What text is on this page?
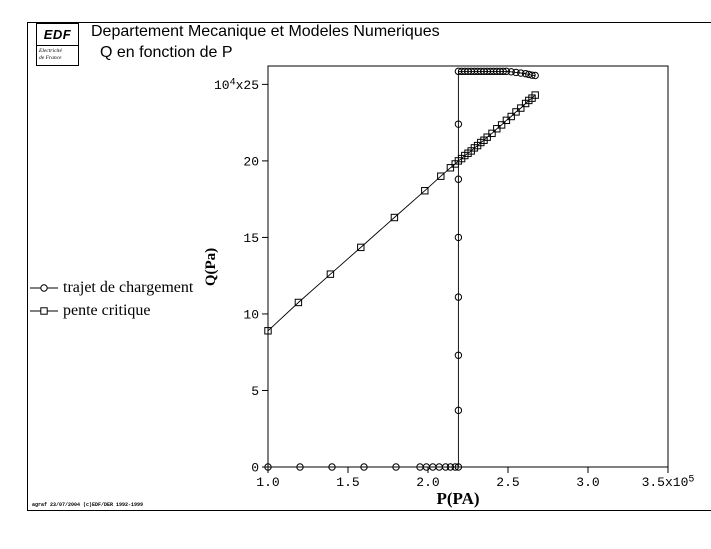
EDF
Electricité
de France
Departement Mecanique et Modeles Numeriques
Q en fonction de P
trajet de chargement
pente critique
0
5
10
15
20
$10^4x25$
1.0	1.5	2.0	2.5	3.0	$3.5x10^5$
P(PA)
Q(Pa)
agraf 23/07/2004 (c)EDF/DER 1992-1999
